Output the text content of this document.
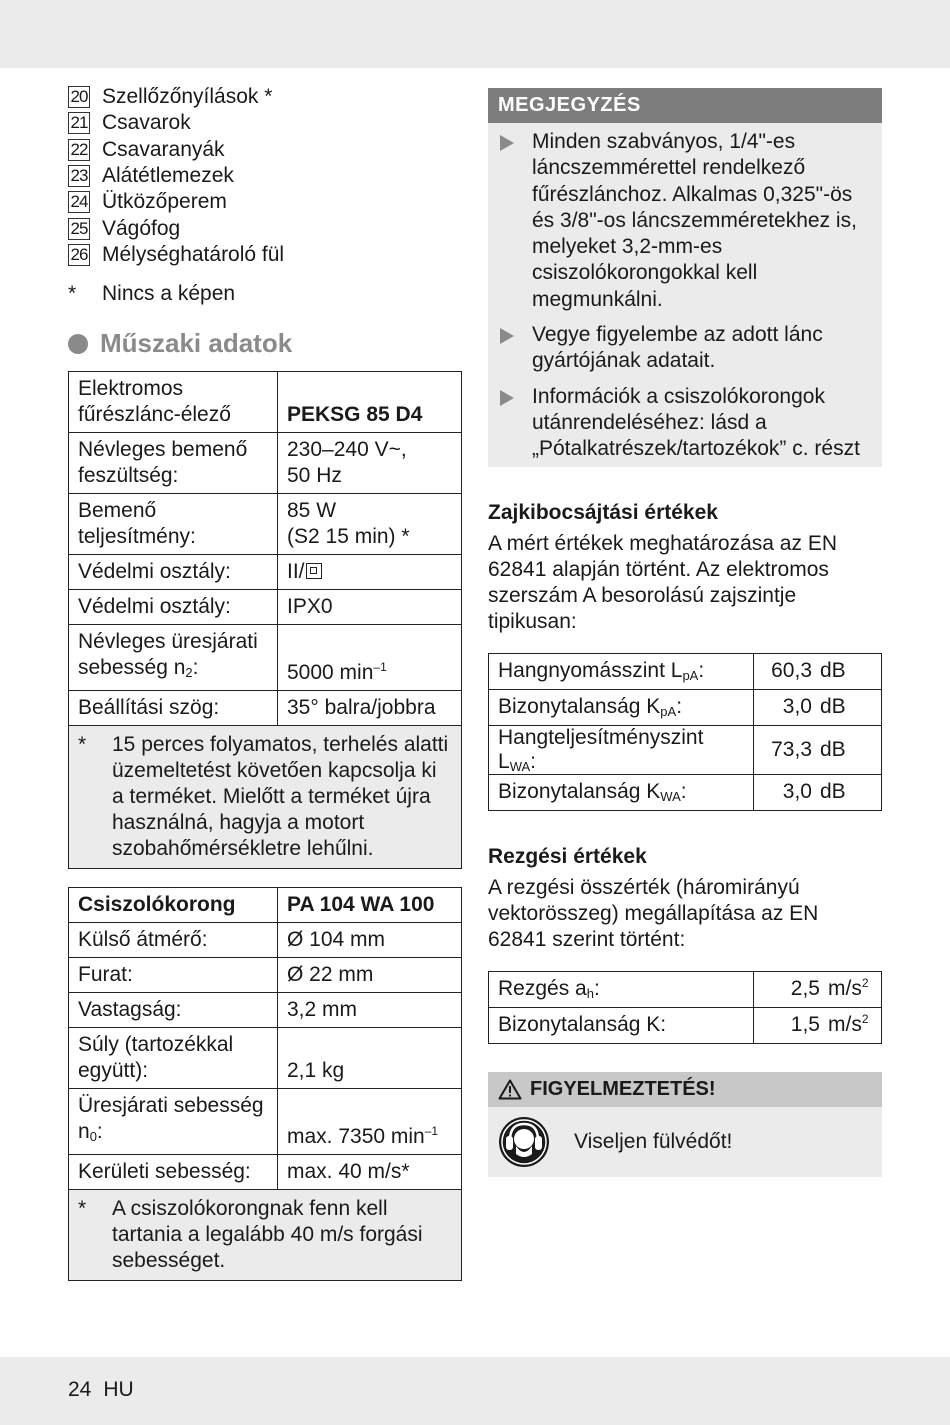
20 Szellőzőnyílások *
21 Csavarok
22 Csavaranyák
23 Alátétlemezek
24 Ütközőperem
25 Vágófog
26 Mélységhatároló fül
*	Nincs a képen
Műszaki adatok
Elektromos fűrészlánc-élező	PEKSG 85 D4
Névleges bemenő feszültség:	230–240 V~,
50 Hz
Bemenő teljesítmény:	85 W
(S2 15 min) *
Védelmi osztály:	II/
Védelmi osztály:	IPX0
Névleges üresjárati sebesség $n_2$:	5000 $\min^{-1}$
Beállítási szög:	35° balra/jobbra

* 15 perces folyamatos, terhelés alatti üzemeltetést követően kapcsolja ki a terméket. Mielőtt a terméket újra használná, hagyja a motort szobahőmérsékletre lehűlni.	
Csiszolókorong	PA 104 WA 100
Külső átmérő:	Ø 104 mm
Furat:	Ø 22 mm
Vastagság:	3,2 mm
Súly (tartozékkal együtt):	2,1 kg
Üresjárati sebesség $n_0$:	max. 7350 $\min^{-1}$
Kerületi sebesség:	max. 40 m/s*

* A csiszolókorongnak fenn kell tartania a legalább 40 m/s forgási sebességet.	
MEGJEGYZÉS
Minden szabványos, 1/4"-es láncszemmérettel rendelkező fűrészlánchoz. Alkalmas 0,325"-ös és 3/8"-os láncszemméretekhez is, melyeket 3,2-mm-es csiszolókorongokkal kell megmunkálni.
Vegye figyelembe az adott lánc gyártójának adatait.
Információk a csiszolókorongok utánrendeléséhez: lásd a „Pótalkatrészek/tartozékok” c. részt
Zajkibocsájtási értékek

A mért értékek meghatározása az EN 62841 alapján történt. Az elektromos szerszám A besorolású zajszintje tipikusan:

Hangnyomásszint $L_{pA}$:	60,3 dB
Bizonytalanság $K_{pA}$:	3,0 dB
Hangteljesítményszint $L_{WA}$:	73,3 dB
Bizonytalanság $K_{WA}$:	3,0 dB
Rezgési értékek

A rezgési összérték (háromirányú vektorösszeg) megállapítása az EN 62841 szerint történt:

Rezgés $a_h$:	2,5 $m/s^2$
Bizonytalanság K:	1,5 $m/s^2$
FIGYELMEZTETÉS!
Viseljen fülvédőt!
24 HU
